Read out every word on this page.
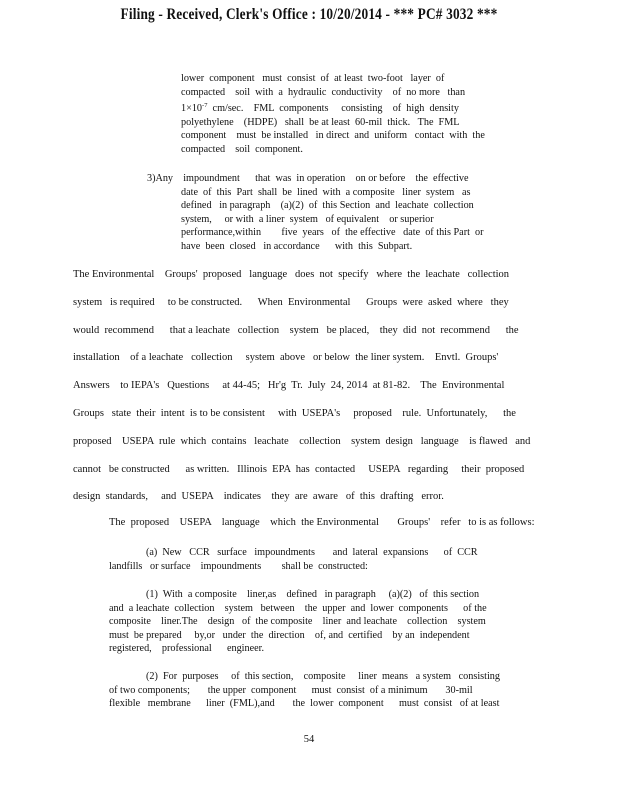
Filing - Received, Clerk's Office : 10/20/2014 - *** PC# 3032 ***
lower  component   must  consist  of  at least  two-foot   layer  of
compacted    soil  with  a  hydraulic  conductivity    of  no more   than
$1\times 10^{-7}$  cm/sec.    FML  components     consisting    of  high  density
polyethylene    (HDPE)   shall  be at least  60-mil  thick.   The  FML
component    must  be installed   in direct  and  uniform   contact  with  the
compacted    soil  component.
3)Any    impoundment      that  was  in operation    on or before    the  effective
date  of  this  Part  shall  be  lined  with  a composite   liner  system   as
defined   in paragraph    (a)(2)  of  this Section  and  leachate  collection
system,     or with  a liner  system   of equivalent    or superior
performance,within        five  years   of  the effective   date  of this Part  or
have  been  closed   in accordance      with  this  Subpart.
The Environmental    Groups'  proposed   language   does  not  specify   where  the  leachate   collection
system   is required     to be constructed.      When  Environmental      Groups  were  asked  where   they
would  recommend      that a leachate   collection    system   be placed,    they  did  not  recommend      the
installation    of a leachate   collection     system  above   or below  the liner system.    Envtl.  Groups'
Answers    to IEPA's   Questions     at 44-45;   Hr'g  Tr.  July  24, 2014  at 81-82.    The  Environmental
Groups   state  their  intent  is to be consistent     with  USEPA's     proposed    rule.  Unfortunately,      the
proposed    USEPA  rule  which  contains   leachate    collection    system  design   language    is flawed   and
cannot   be constructed      as written.   Illinois  EPA  has  contacted     USEPA   regarding     their  proposed
design  standards,     and  USEPA    indicates    they  are  aware   of  this  drafting   error.
The  proposed    USEPA    language    which  the Environmental       Groups'    refer   to is as follows:
(a)  New   CCR   surface   impoundments       and  lateral  expansions      of  CCR
landfills   or surface    impoundments        shall be  constructed:
(1)  With  a composite    liner,as    defined   in paragraph     (a)(2)   of  this section
and  a leachate  collection    system   between    the  upper  and  lower  components      of the
composite    liner.The    design   of  the composite    liner  and leachate    collection    system
must  be prepared     by,or   under  the  direction    of, and  certified    by an  independent
registered,    professional      engineer.
(2)  For  purposes     of  this section,    composite     liner  means   a system   consisting
of two components;       the upper  component      must  consist  of a minimum       30-mil
flexible   membrane      liner  (FML),and       the  lower  component      must  consist   of at least
54
